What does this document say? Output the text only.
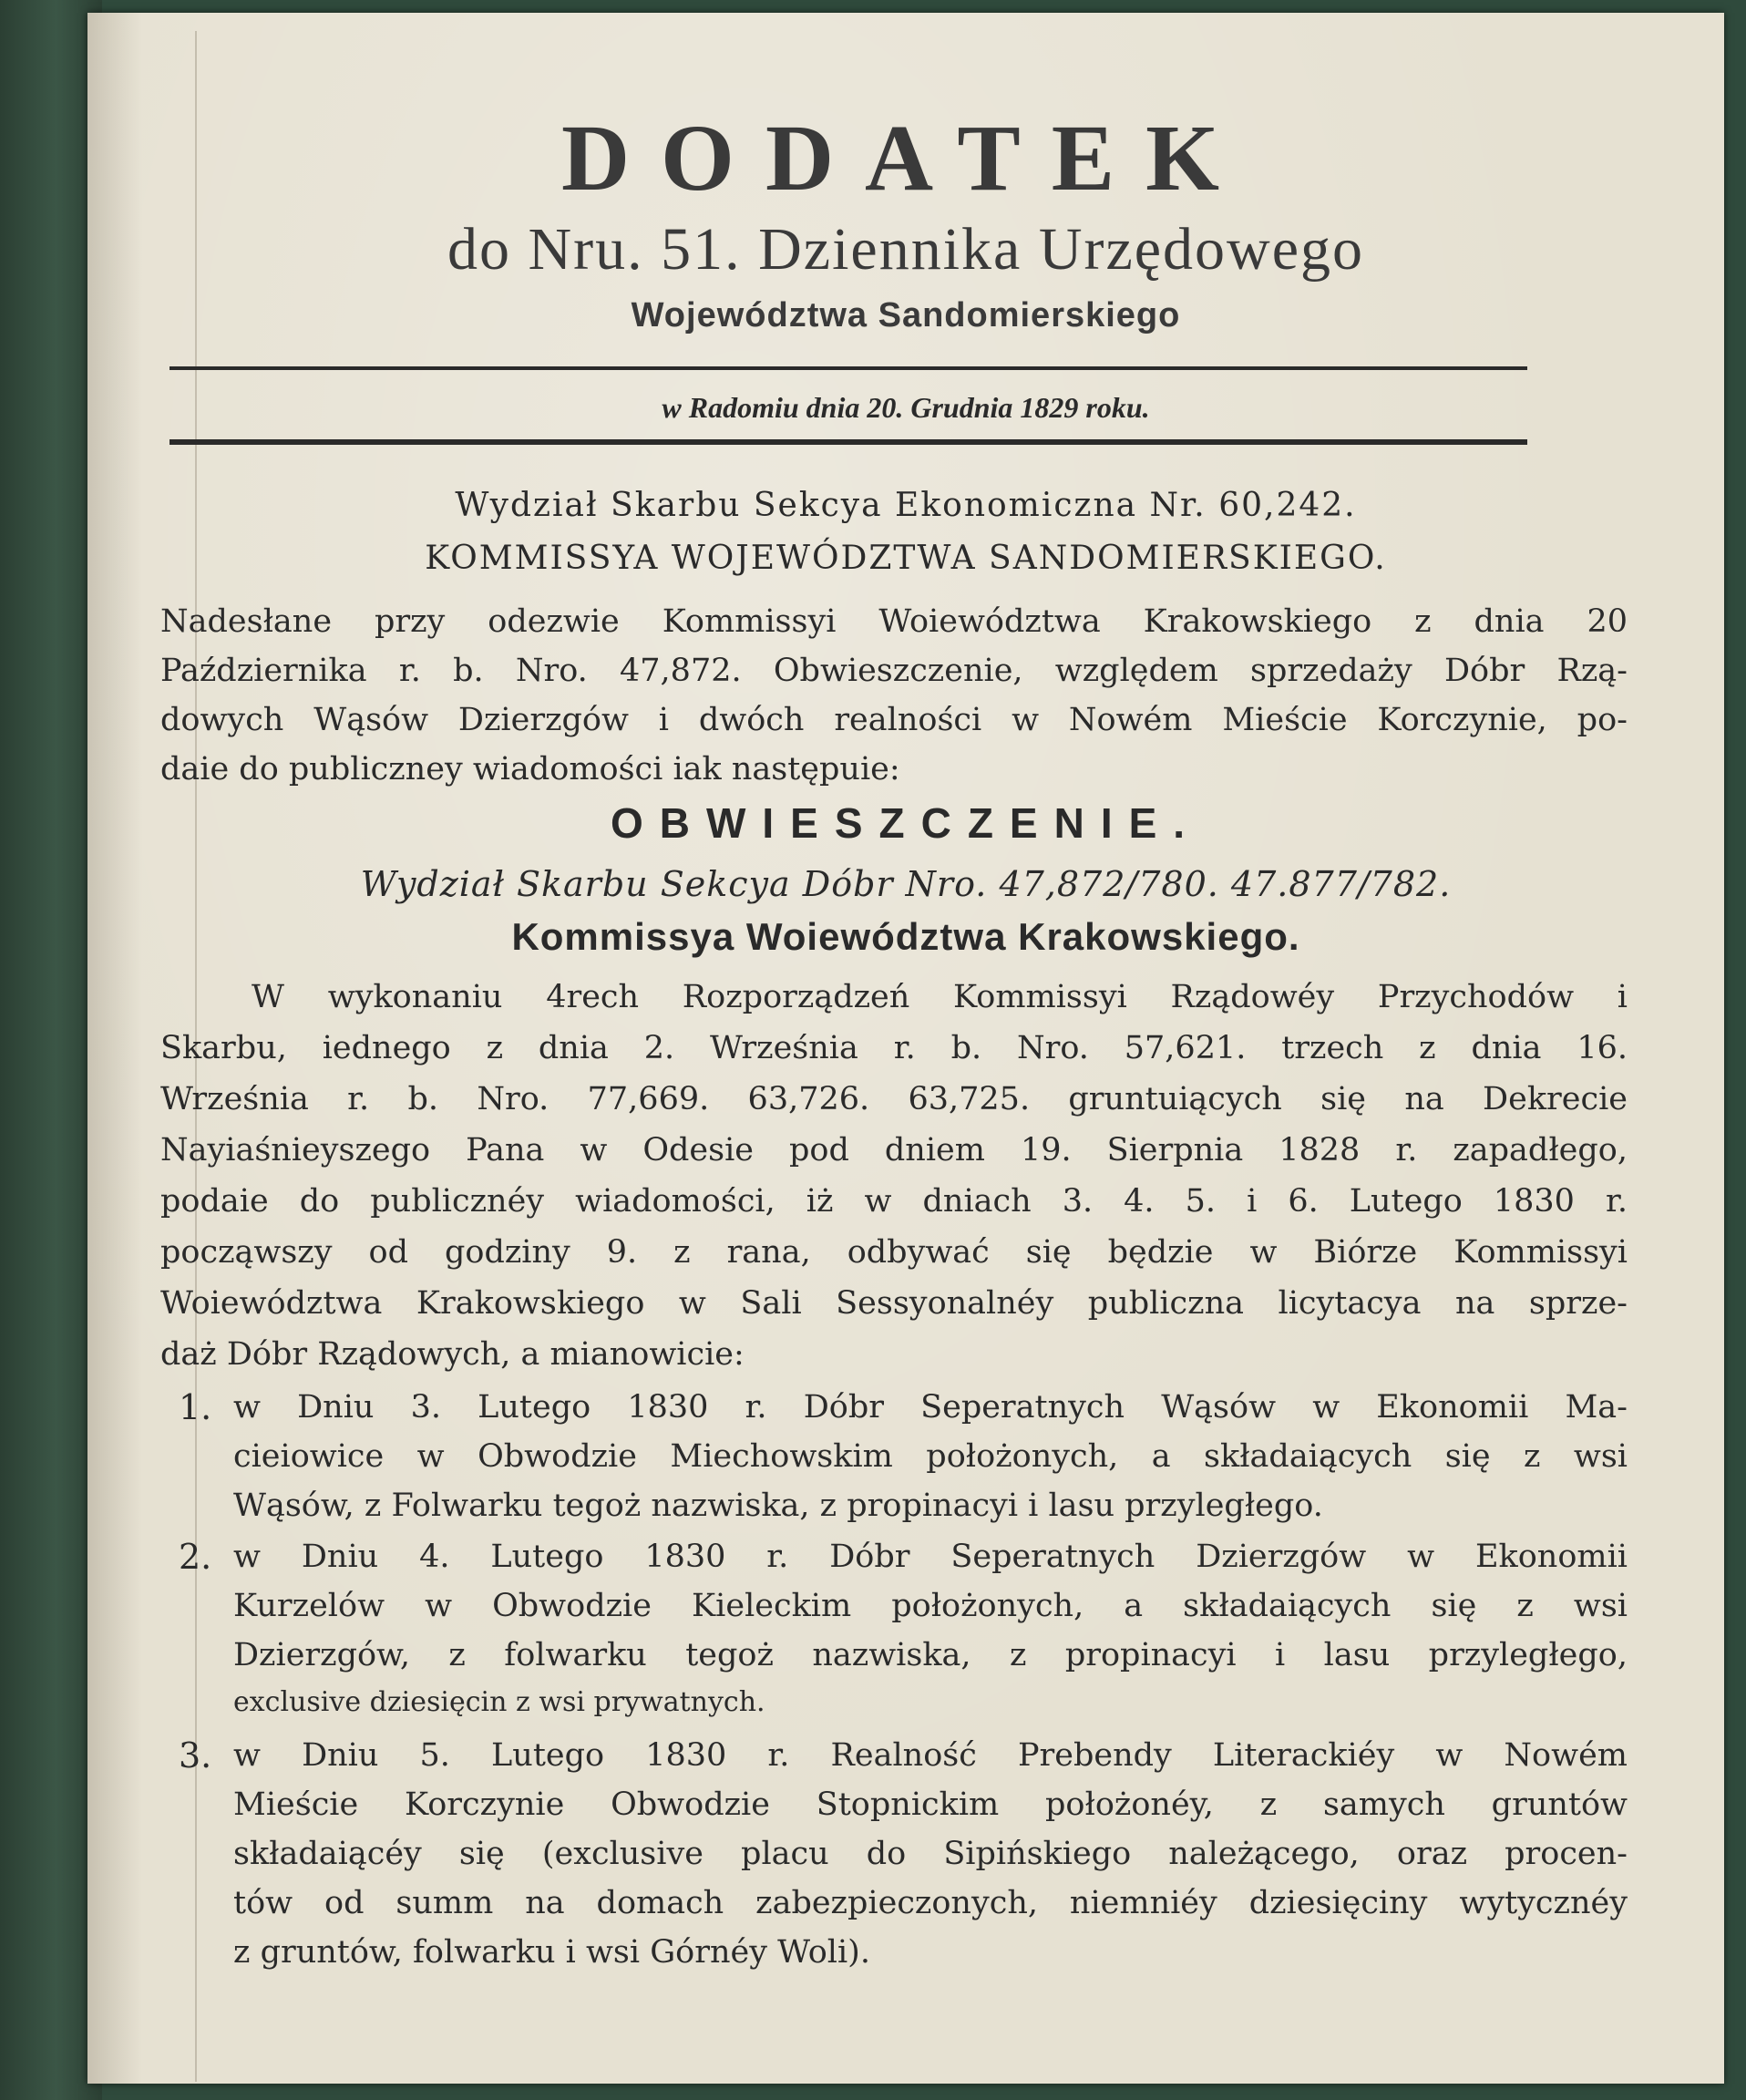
DODATEK
do Nru. 51. Dziennika Urzędowego
Województwa Sandomierskiego
w Radomiu dnia 20. Grudnia 1829 roku.
Wydział Skarbu Sekcya Ekonomiczna Nr. 60,242.
KOMMISSYA WOJEWÓDZTWA SANDOMIERSKIEGO.
Nadesłane przy odezwie Kommissyi Woiewództwa Krakowskiego z dnia 20
Października r. b. Nro. 47,872. Obwieszczenie, względem sprzedaży Dóbr Rzą-
dowych Wąsów Dzierzgów i dwóch realności w Nowém Mieście Korczynie, po-
daie do publiczney wiadomości iak następuie:
OBWIESZCZENIE.
Wydział Skarbu Sekcya Dóbr Nro. 47,872/780. 47.877/782.
Kommissya Woiewództwa Krakowskiego.
W wykonaniu 4rech Rozporządzeń Kommissyi Rządowéy Przychodów i
Skarbu, iednego z dnia 2. Września r. b. Nro. 57,621. trzech z dnia 16.
Września r. b. Nro. 77,669. 63,726. 63,725. gruntuiących się na Dekrecie
Nayiaśnieyszego Pana w Odesie pod dniem 19. Sierpnia 1828 r. zapadłego,
podaie do publicznéy wiadomości, iż w dniach 3. 4. 5. i 6. Lutego 1830 r.
począwszy od godziny 9. z rana, odbywać się będzie w Biórze Kommissyi
Woiewództwa Krakowskiego w Sali Sessyonalnéy publiczna licytacya na sprze-
daż Dóbr Rządowych, a mianowicie:
1. w Dniu 3. Lutego 1830 r. Dóbr Seperatnych Wąsów w Ekonomii Ma-
cieiowice w Obwodzie Miechowskim położonych, a składaiących się z wsi
Wąsów, z Folwarku tegoż nazwiska, z propinacyi i lasu przyległego.
2. w Dniu 4. Lutego 1830 r. Dóbr Seperatnych Dzierzgów w Ekonomii
Kurzelów w Obwodzie Kieleckim położonych, a składaiących się z wsi
Dzierzgów, z folwarku tegoż nazwiska, z propinacyi i lasu przyległego,
exclusive dziesięcin z wsi prywatnych.
3. w Dniu 5. Lutego 1830 r. Realność Prebendy Literackiéy w Nowém
Mieście Korczynie Obwodzie Stopnickim położonéy, z samych gruntów
składaiącéy się (exclusive placu do Sipińskiego należącego, oraz procen-
tów od summ na domach zabezpieczonych, niemniéy dziesięciny wytycznéy
z gruntów, folwarku i wsi Górnéy Woli).
